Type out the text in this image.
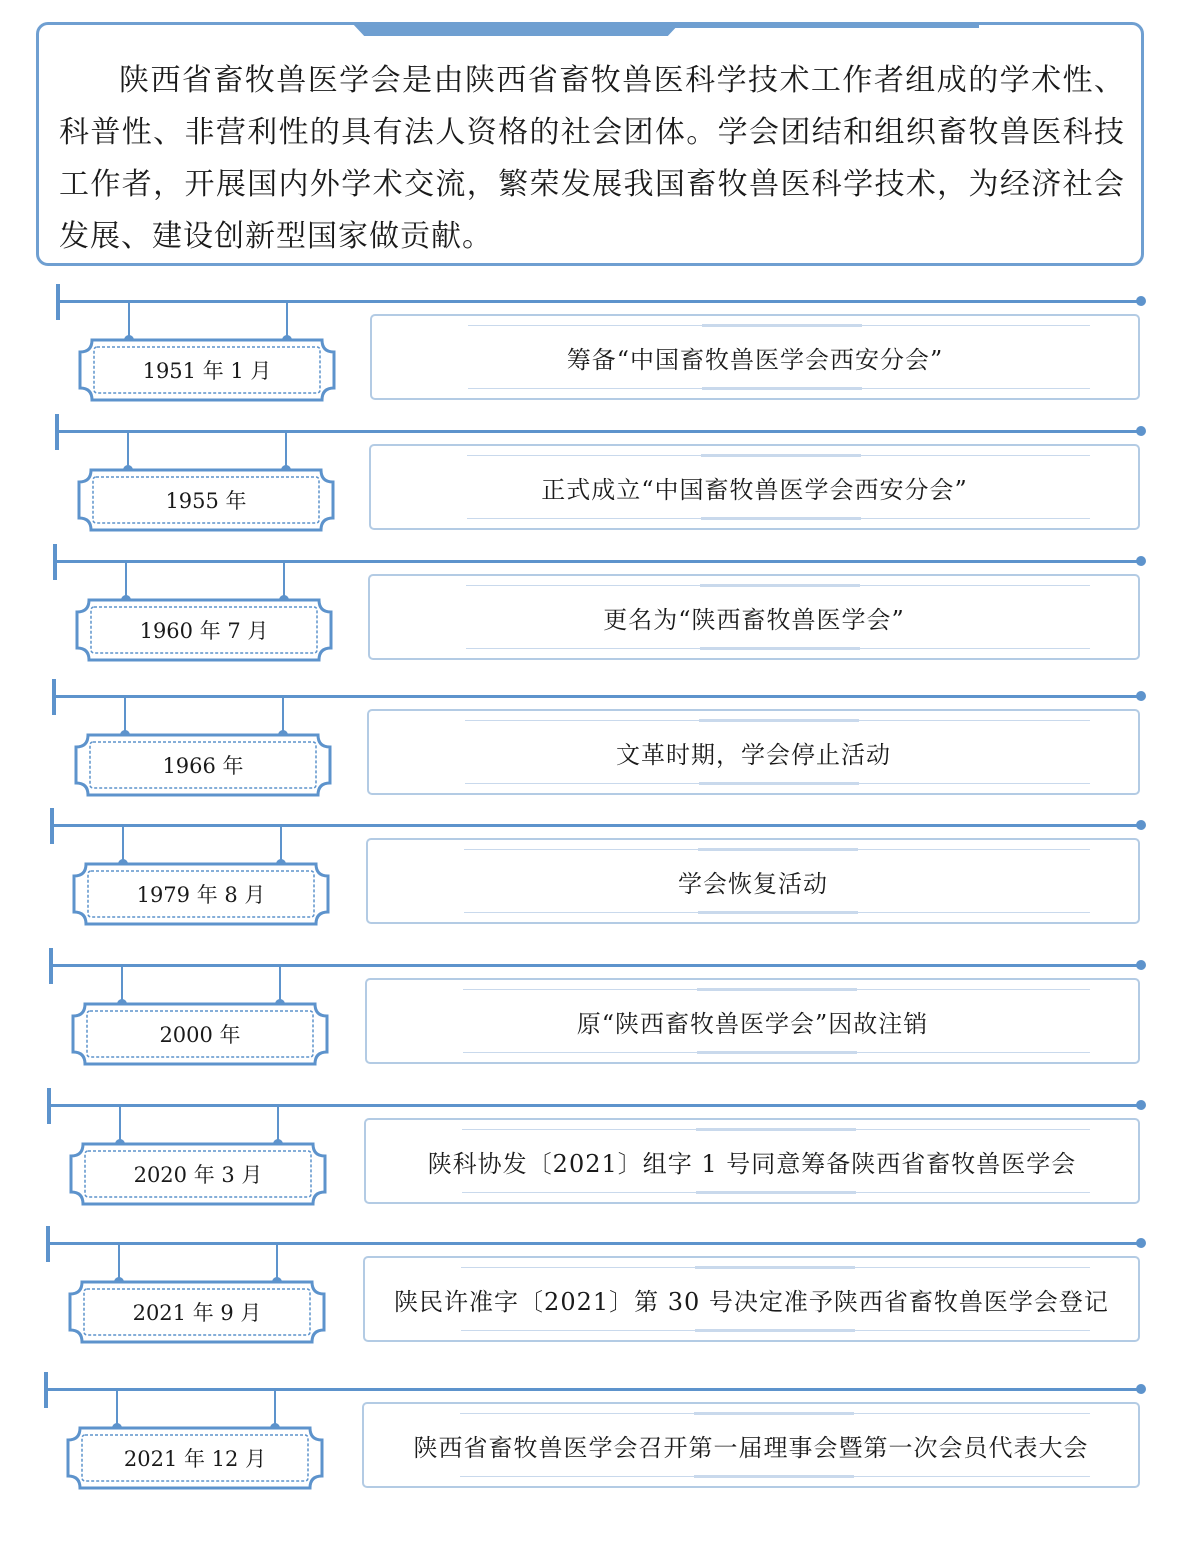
陕西省畜牧兽医学会是由陕西省畜牧兽医科学技术工作者组成的学术性、科普性、非营利性的具有法人资格的社会团体。学会团结和组织畜牧兽医科技工作者，开展国内外学术交流，繁荣发展我国畜牧兽医科学技术，为经济社会发展、建设创新型国家做贡献。

1951 年 1 月	筹备“中国畜牧兽医学会西安分会”
1955 年	正式成立“中国畜牧兽医学会西安分会”
1960 年 7 月	更名为“陕西畜牧兽医学会”
1966 年	文革时期，学会停止活动
1979 年 8 月	学会恢复活动
2000 年	原“陕西畜牧兽医学会”因故注销
2020 年 3 月	陕科协发〔2021〕组字 1 号同意筹备陕西省畜牧兽医学会
2021 年 9 月	陕民许准字〔2021〕第 30 号决定准予陕西省畜牧兽医学会登记
2021 年 12 月	陕西省畜牧兽医学会召开第一届理事会暨第一次会员代表大会
